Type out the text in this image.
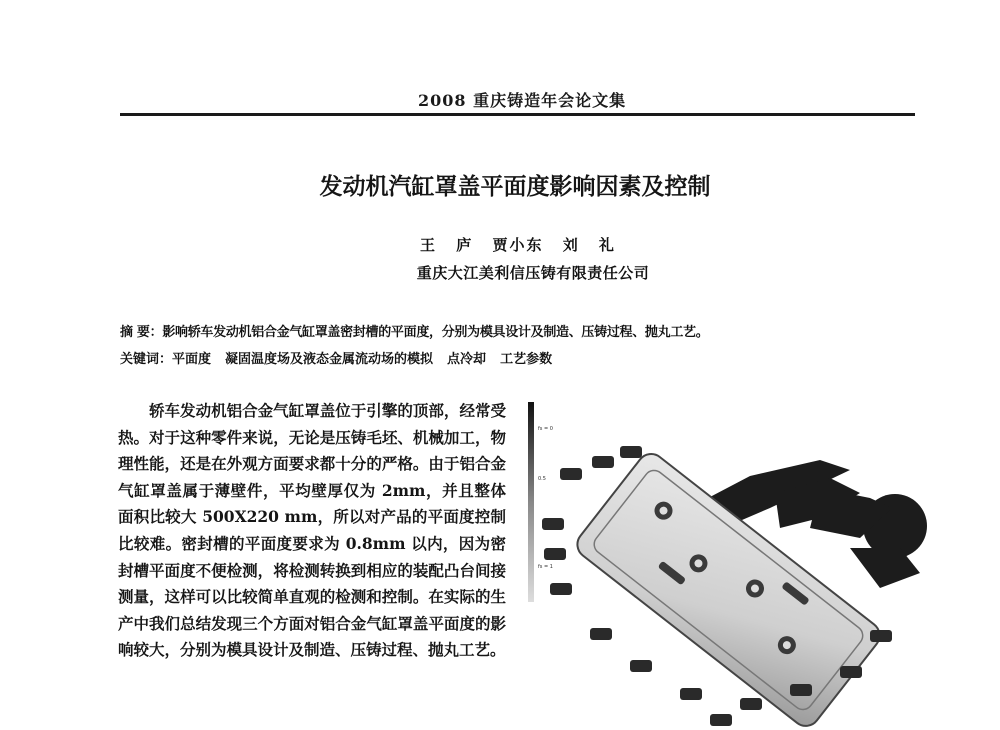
2008 重庆铸造年会论文集
发动机汽缸罩盖平面度影响因素及控制
王 庐 贾小东 刘 礼
重庆大江美利信压铸有限责任公司
摘 要：影响轿车发动机铝合金气缸罩盖密封槽的平面度，分别为模具设计及制造、压铸过程、抛丸工艺。
关键词：平面度 凝固温度场及液态金属流动场的模拟 点冷却 工艺参数
轿车发动机铝合金气缸罩盖位于引擎的顶部，经常受热。对于这种零件来说，无论是压铸毛坯、机械加工，物理性能，还是在外观方面要求都十分的严格。由于铝合金气缸罩盖属于薄壁件，平均壁厚仅为 2mm，并且整体面积比较大 500X220 mm，所以对产品的平面度控制比较难。密封槽的平面度要求为 0.8mm 以内，因为密封槽平面度不便检测，将检测转换到相应的装配凸台间接测量，这样可以比较简单直观的检测和控制。在实际的生产中我们总结发现三个方面对铝合金气缸罩盖平面度的影响较大，分别为模具设计及制造、压铸过程、抛丸工艺。
fs = 0
0.5
fs = 1
